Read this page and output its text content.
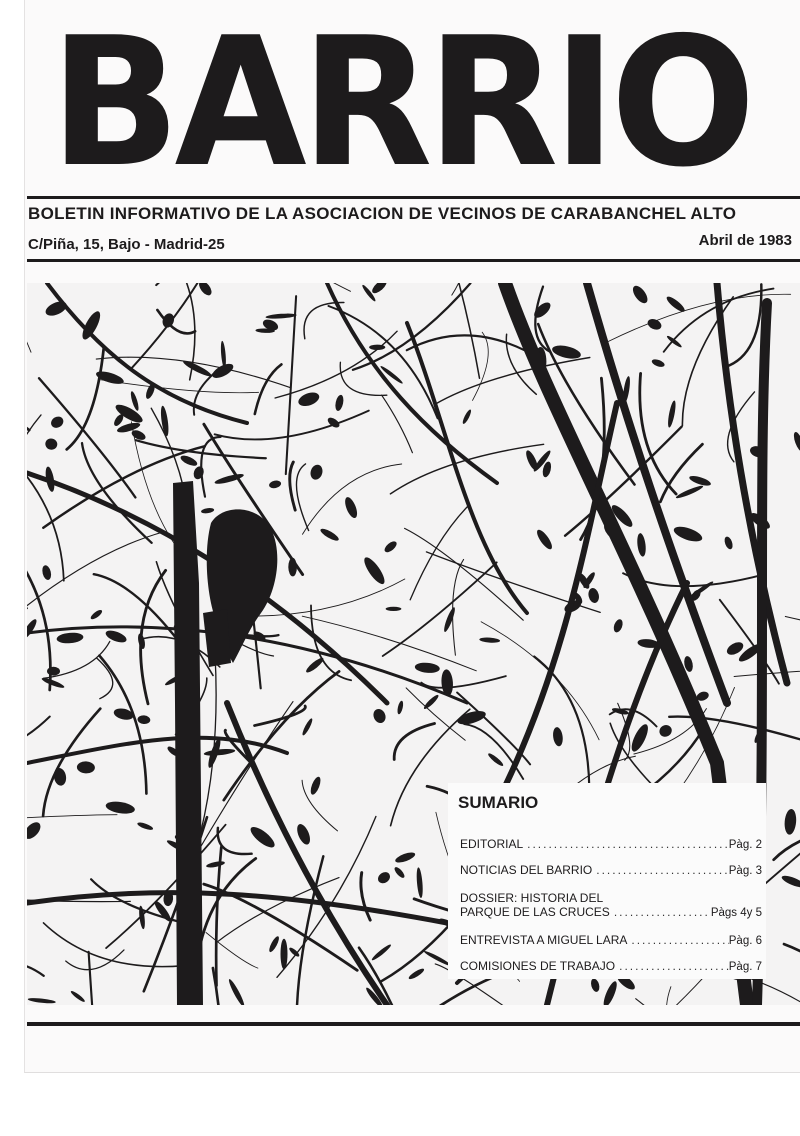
BARRIO
BOLETIN INFORMATIVO DE LA ASOCIACION DE VECINOS DE CARABANCHEL ALTO
C/Piña, 15, Bajo - Madrid-25	Abril de 1983
SUMARIO
EDITORIAL .....	Pàg. 2
NOTICIAS DEL BARRIO .....	Pàg. 3
DOSSIER: HISTORIA DEL
PARQUE DE LAS CRUCES .....	Pàgs 4y 5
ENTREVISTA A MIGUEL LARA .....	Pàg. 6
COMISIONES DE TRABAJO .....	Pàg. 7
